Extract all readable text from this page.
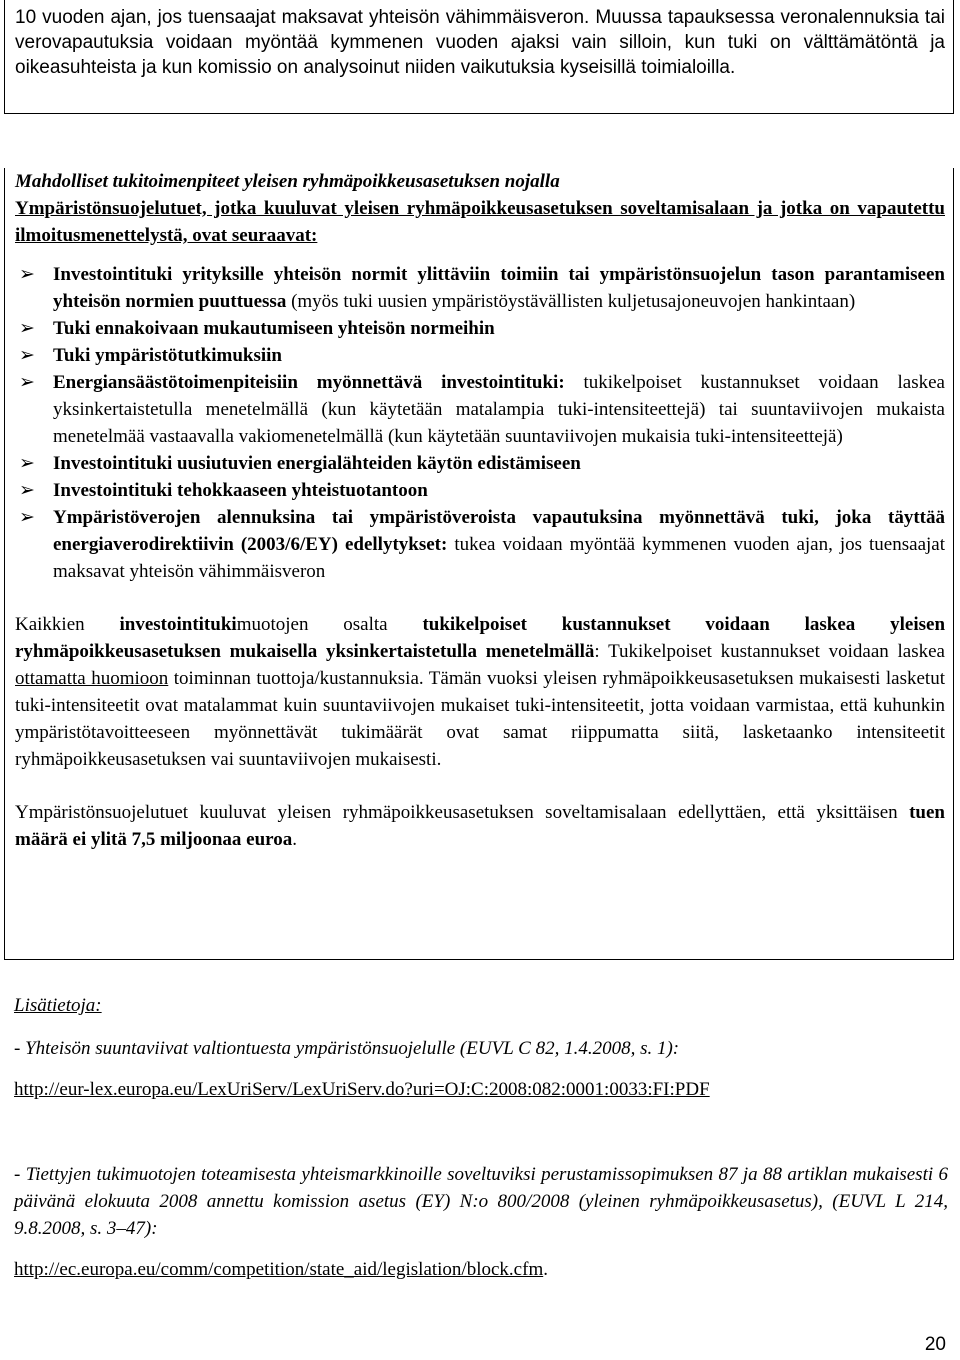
10 vuoden ajan, jos tuensaajat maksavat yhteisön vähimmäisveron. Muussa tapauksessa veronalennuksia tai verovapautuksia voidaan myöntää kymmenen vuoden ajaksi vain silloin, kun tuki on välttämätöntä ja oikeasuhteista ja kun komissio on analysoinut niiden vaikutuksia kyseisillä toimialoilla.

Mahdolliset tukitoimenpiteet yleisen ryhmäpoikkeusasetuksen nojalla

Ympäristönsuojelutuet, jotka kuuluvat yleisen ryhmäpoikkeusasetuksen soveltamisalaan ja jotka on vapautettu ilmoitusmenettelystä, ovat seuraavat:

➢ Investointituki yrityksille yhteisön normit ylittäviin toimiin tai ympäristönsuojelun tason parantamiseen yhteisön normien puuttuessa (myös tuki uusien ympäristöystävällisten kuljetusajoneuvojen hankintaan)
➢ Tuki ennakoivaan mukautumiseen yhteisön normeihin
➢ Tuki ympäristötutkimuksiin
➢ Energiansäästötoimenpiteisiin myönnettävä investointituki: tukikelpoiset kustannukset voidaan laskea yksinkertaistetulla menetelmällä (kun käytetään matalampia tuki-intensiteettejä) tai suuntaviivojen mukaista menetelmää vastaavalla vakiomenetelmällä (kun käytetään suuntaviivojen mukaisia tuki-intensiteettejä)
➢ Investointituki uusiutuvien energialähteiden käytön edistämiseen
➢ Investointituki tehokkaaseen yhteistuotantoon
➢ Ympäristöverojen alennuksina tai ympäristöveroista vapautuksina myönnettävä tuki, joka täyttää energiaverodirektiivin (2003/6/EY) edellytykset: tukea voidaan myöntää kymmenen vuoden ajan, jos tuensaajat maksavat yhteisön vähimmäisveron

Kaikkien investointitukimuotojen osalta tukikelpoiset kustannukset voidaan laskea yleisen ryhmäpoikkeusasetuksen mukaisella yksinkertaistetulla menetelmällä: Tukikelpoiset kustannukset voidaan laskea ottamatta huomioon toiminnan tuottoja/kustannuksia. Tämän vuoksi yleisen ryhmäpoikkeusasetuksen mukaisesti lasketut tuki-intensiteetit ovat matalammat kuin suuntaviivojen mukaiset tuki-intensiteetit, jotta voidaan varmistaa, että kuhunkin ympäristötavoitteeseen myönnettävät tukimäärät ovat samat riippumatta siitä, lasketaanko intensiteetit ryhmäpoikkeusasetuksen vai suuntaviivojen mukaisesti.

Ympäristönsuojelutuet kuuluvat yleisen ryhmäpoikkeusasetuksen soveltamisalaan edellyttäen, että yksittäisen tuen määrä ei ylitä 7,5 miljoonaa euroa.

Lisätietoja:

- Yhteisön suuntaviivat valtiontuesta ympäristönsuojelulle (EUVL C 82, 1.4.2008, s. 1):

http://eur-lex.europa.eu/LexUriServ/LexUriServ.do?uri=OJ:C:2008:082:0001:0033:FI:PDF

- Tiettyjen tukimuotojen toteamisesta yhteismarkkinoille soveltuviksi perustamissopimuksen 87 ja 88 artiklan mukaisesti 6 päivänä elokuuta 2008 annettu komission asetus (EY) N:o 800/2008 (yleinen ryhmäpoikkeusasetus), (EUVL L 214, 9.8.2008, s. 3–47):

http://ec.europa.eu/comm/competition/state_aid/legislation/block.cfm.

20
